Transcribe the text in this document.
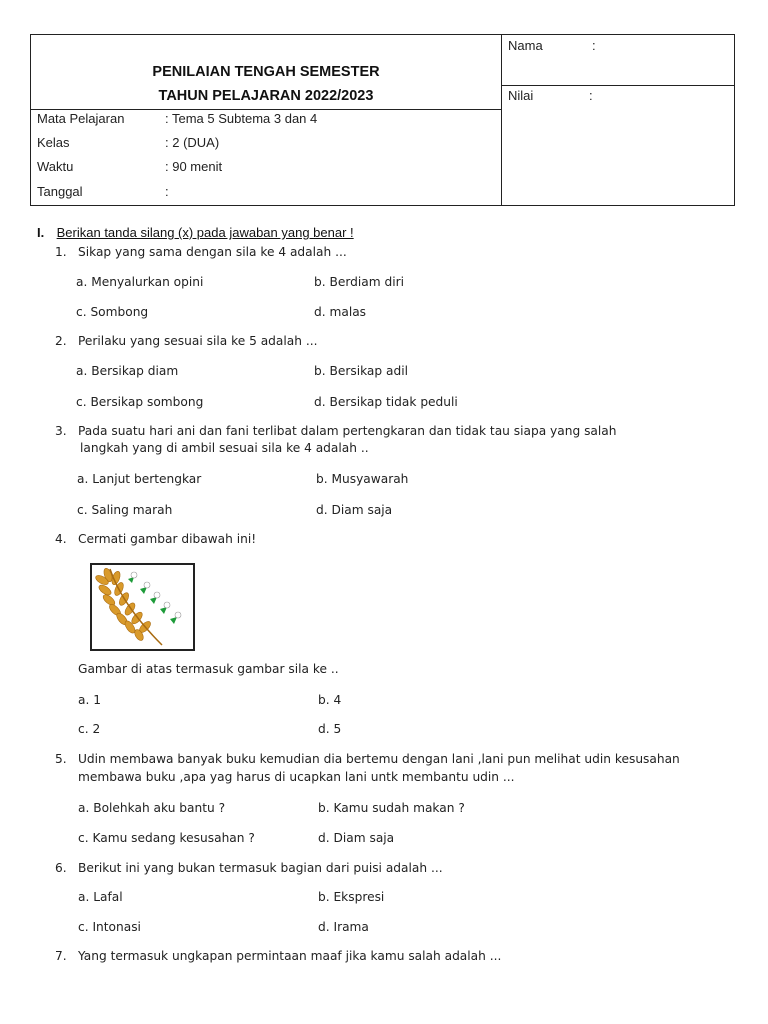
PENILAIAN TENGAH SEMESTER
TAHUN PELAJARAN 2022/2023
Nama	:
Nilai	:
Mata Pelajaran	: Tema 5 Subtema 3 dan 4
Kelas	: 2 (DUA)
Waktu	: 90 menit
Tanggal	:
I. Berikan tanda silang (x) pada jawaban yang benar !
1. Sikap yang sama dengan sila ke 4 adalah ...
a. Menyalurkan opini	b. Berdiam diri
c. Sombong	d. malas
2. Perilaku yang sesuai sila ke 5 adalah ...
a. Bersikap diam	b. Bersikap adil
c. Bersikap sombong	d. Bersikap tidak peduli
3. Pada suatu hari ani dan fani terlibat dalam pertengkaran dan tidak tau siapa yang salah
langkah yang di ambil sesuai sila ke 4 adalah ..
a. Lanjut bertengkar	b. Musyawarah
c. Saling marah	d. Diam saja
4. Cermati gambar dibawah ini!
Gambar di atas termasuk gambar sila ke ..
a. 1	b. 4
c. 2	d. 5
5. Udin membawa banyak buku kemudian dia bertemu dengan lani ,lani pun melihat udin kesusahan
membawa buku ,apa yag harus di ucapkan lani untk membantu udin ...
a. Bolehkah aku bantu ?	b. Kamu sudah makan ?
c. Kamu sedang kesusahan ?	d. Diam saja
6. Berikut ini yang bukan termasuk bagian dari puisi adalah ...
a. Lafal	b. Ekspresi
c. Intonasi	d. Irama
7. Yang termasuk ungkapan permintaan maaf jika kamu salah adalah ...
